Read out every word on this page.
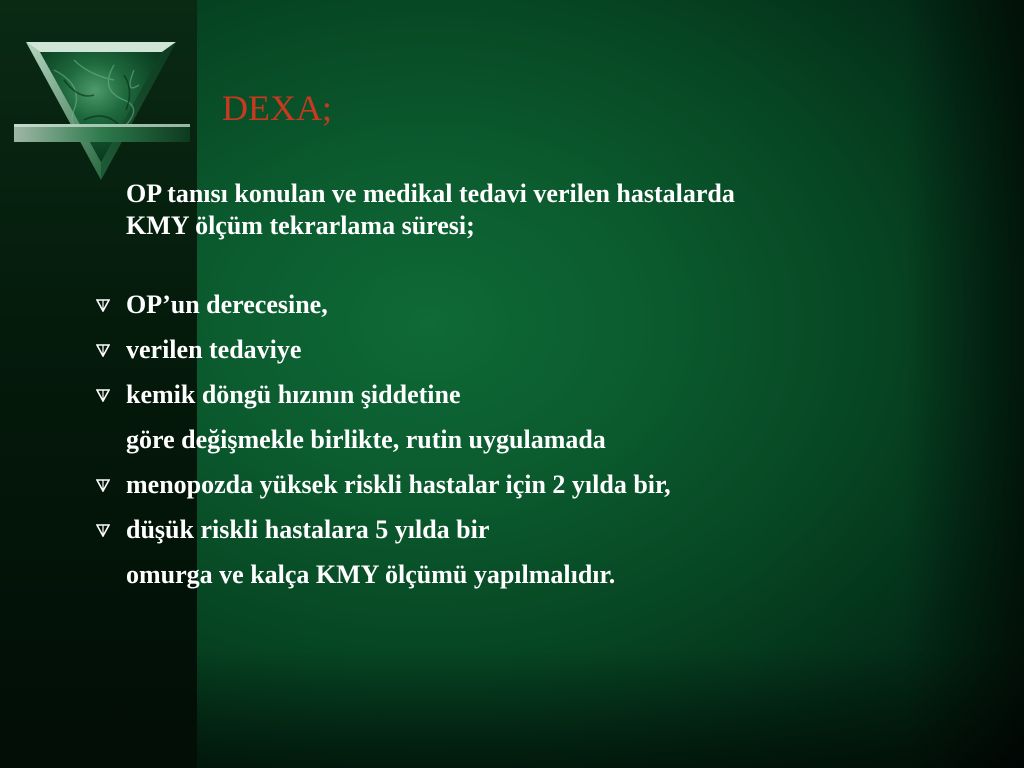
DEXA;

OP tanısı konulan ve medikal tedavi verilen hastalarda
KMY ölçüm tekrarlama süresi;

OP’un derecesine,
verilen tedaviye
kemik döngü hızının şiddetine
göre değişmekle birlikte, rutin uygulamada
menopozda yüksek riskli hastalar için 2 yılda bir,
düşük riskli hastalara 5 yılda bir
omurga ve kalça KMY ölçümü yapılmalıdır.
